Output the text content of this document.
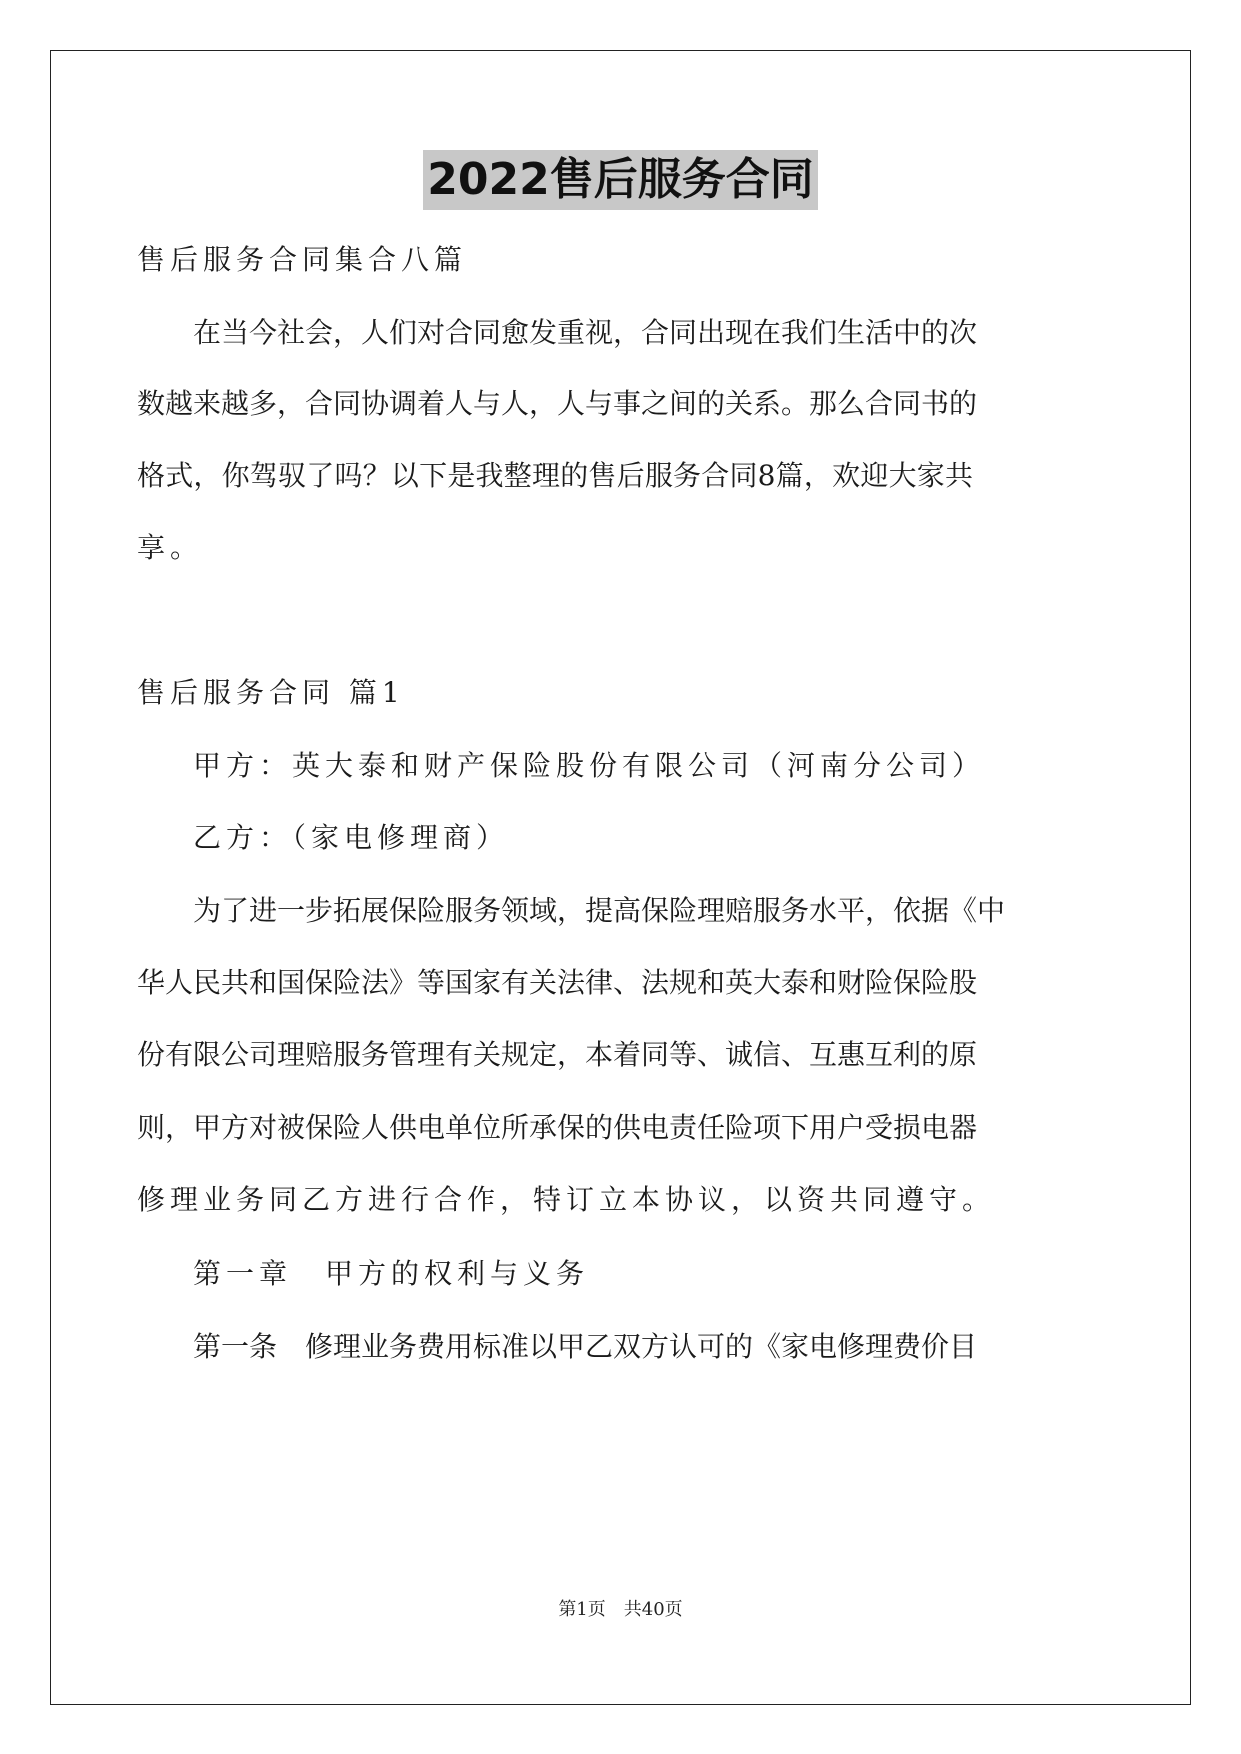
2022售后服务合同
售后服务合同集合八篇
在当今社会，人们对合同愈发重视，合同出现在我们生活中的次
数越来越多，合同协调着人与人，人与事之间的关系。那么合同书的
格式，你驾驭了吗？以下是我整理的售后服务合同8篇，欢迎大家共
享。
售后服务合同 篇1
甲方：英大泰和财产保险股份有限公司（河南分公司）
乙方：（家电修理商）
为了进一步拓展保险服务领域，提高保险理赔服务水平，依据《中
华人民共和国保险法》等国家有关法律、法规和英大泰和财险保险股
份有限公司理赔服务管理有关规定，本着同等、诚信、互惠互利的原
则，甲方对被保险人供电单位所承保的供电责任险项下用户受损电器
修理业务同乙方进行合作，特订立本协议，以资共同遵守。
第一章　甲方的权利与义务
第一条　修理业务费用标准以甲乙双方认可的《家电修理费价目
第1页　共40页
